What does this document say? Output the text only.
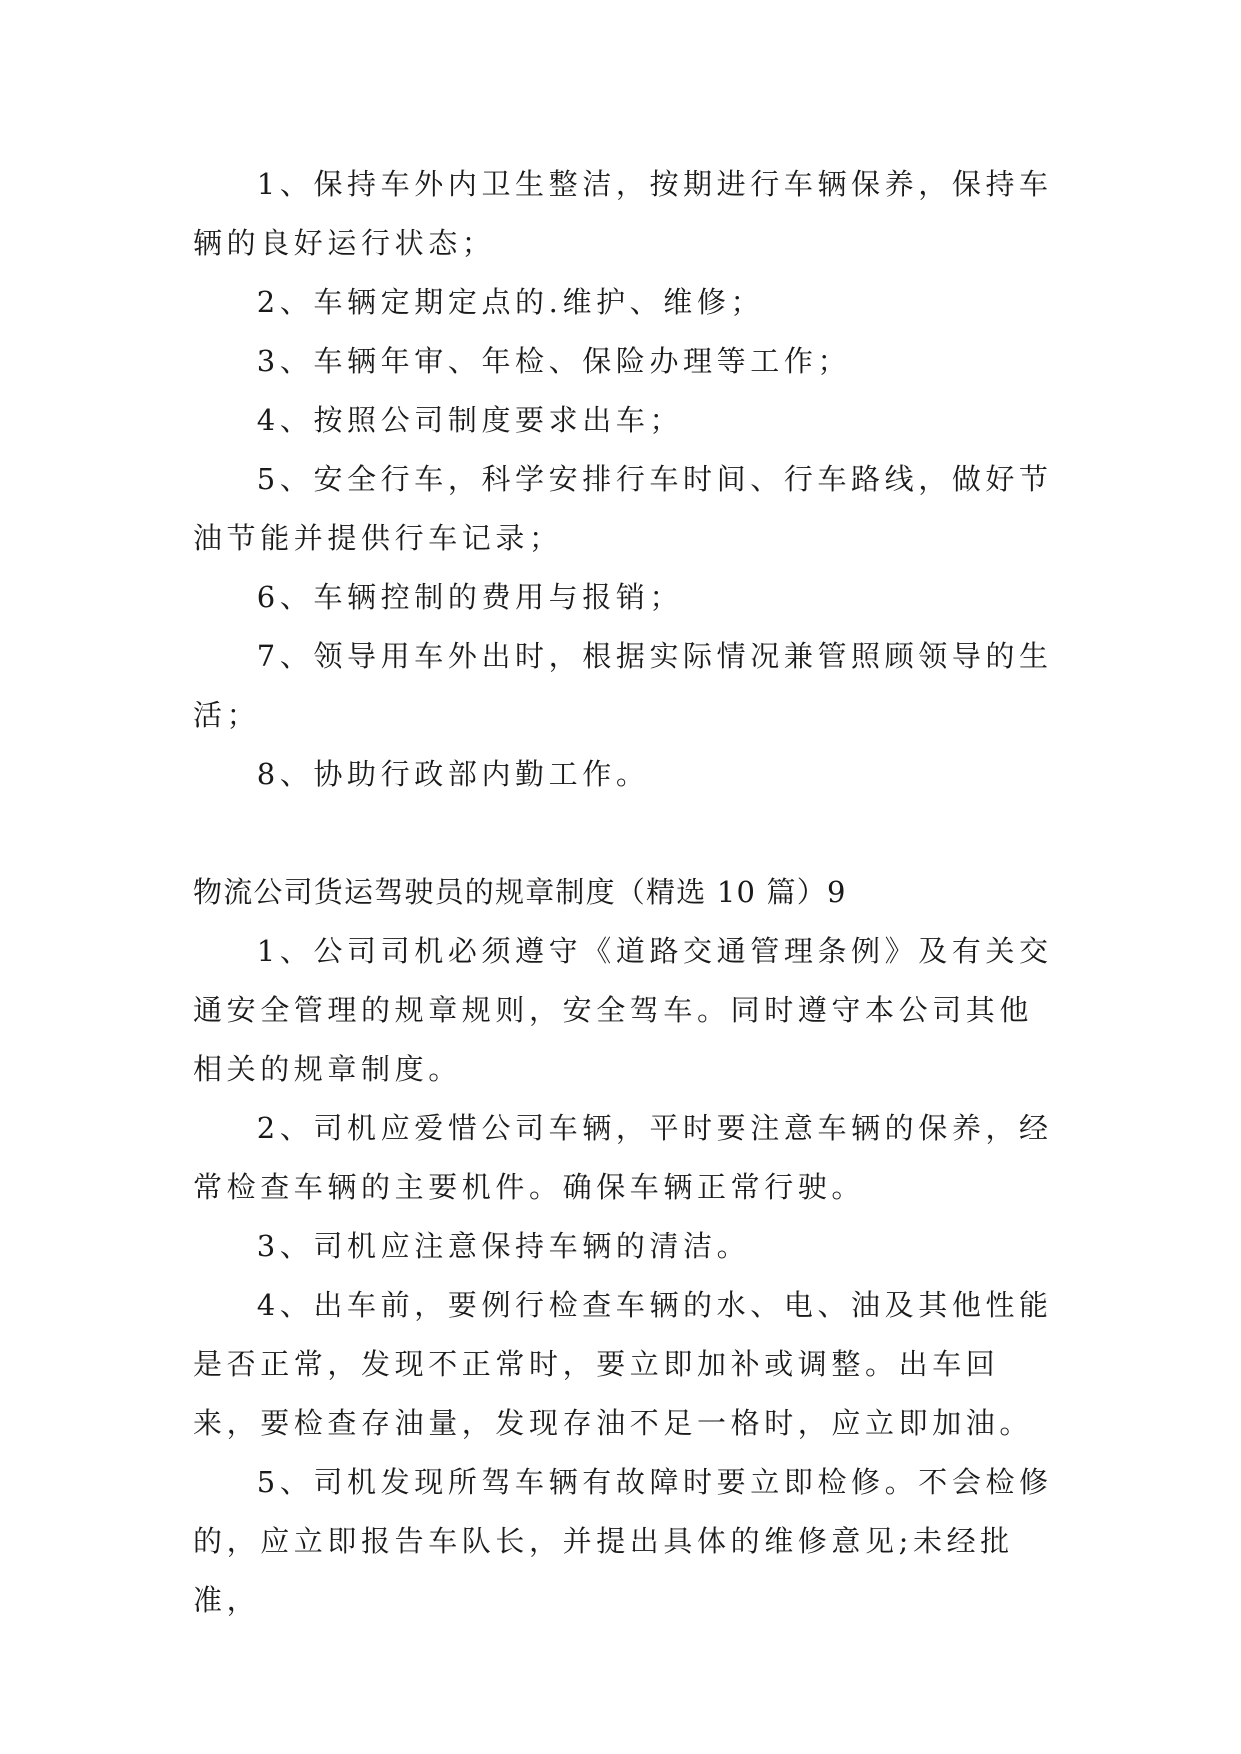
1、保持车外内卫生整洁，按期进行车辆保养，保持车辆的良好运行状态；

2、车辆定期定点的.维护、维修；

3、车辆年审、年检、保险办理等工作；

4、按照公司制度要求出车；

5、安全行车，科学安排行车时间、行车路线，做好节油节能并提供行车记录；

6、车辆控制的费用与报销；

7、领导用车外出时，根据实际情况兼管照顾领导的生活；

8、协助行政部内勤工作。

物流公司货运驾驶员的规章制度（精选 10 篇）9

1、公司司机必须遵守《道路交通管理条例》及有关交通安全管理的规章规则，安全驾车。同时遵守本公司其他相关的规章制度。

2、司机应爱惜公司车辆，平时要注意车辆的保养，经常检查车辆的主要机件。确保车辆正常行驶。

3、司机应注意保持车辆的清洁。

4、出车前，要例行检查车辆的水、电、油及其他性能是否正常，发现不正常时，要立即加补或调整。出车回来，要检查存油量，发现存油不足一格时，应立即加油。

5、司机发现所驾车辆有故障时要立即检修。不会检修的，应立即报告车队长，并提出具体的维修意见;未经批准，
